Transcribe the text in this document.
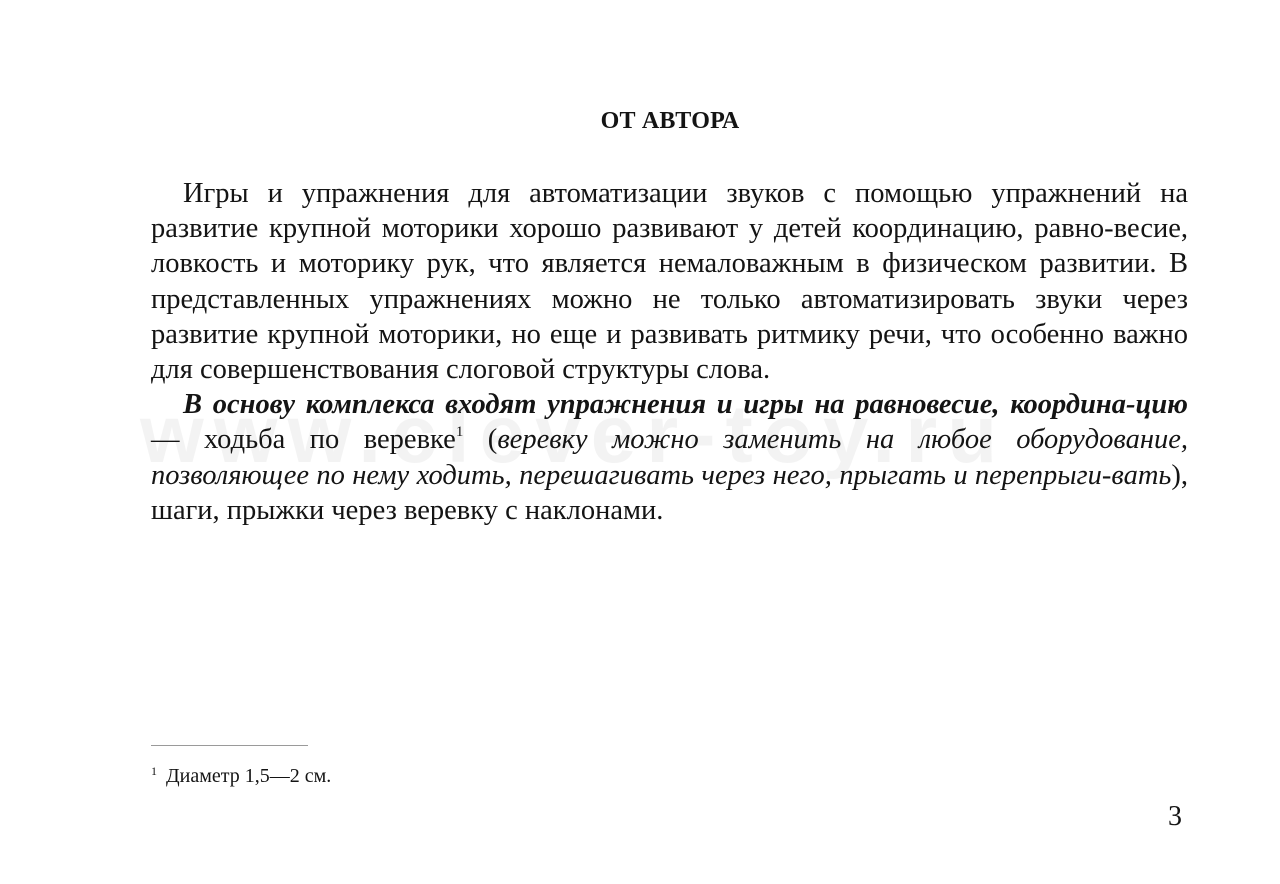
ОТ АВТОРА

Игры и упражнения для автоматизации звуков с помощью упражнений на развитие крупной моторики хорошо развивают у детей координацию, равно-весие, ловкость и моторику рук, что является немаловажным в физическом развитии. В представленных упражнениях можно не только автоматизировать звуки через развитие крупной моторики, но еще и развивать ритмику речи, что особенно важно для совершенствования слоговой структуры слова.

В основу комплекса входят упражнения и игры на равновесие, координа-цию — ходьба по веревке$^1$ (веревку можно заменить на любое оборудование, позволяющее по нему ходить, перешагивать через него, прыгать и перепрыги-вать), шаги, прыжки через веревку с наклонами.

$^1$ Диаметр 1,5—2 см.
3
